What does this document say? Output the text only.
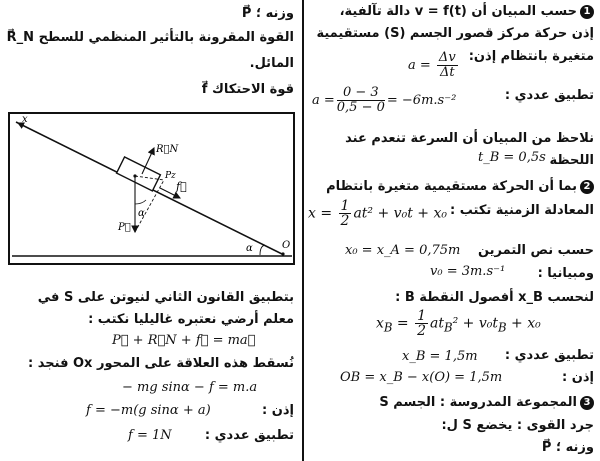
1حسب المبيان أن v = f(t) دالة تآلفية،
إذن حركة مركز قصور الجسم (S) مستقيمية
متغيرة بانتظام إذن:
$a = \frac{\Delta v}{\Delta t}$
تطبيق عددي :
$a = \frac{0 - 3}{0,5 - 0} = -6m.s^{-2}$
نلاحظ من المبيان أن السرعة تنعدم عند
اللحظة
t_B = 0,5s
2بما أن الحركة مستقيمية متغيرة بانتظام
$x = \frac{1}{2} at^2 + v_0t + x_0$ المعادلة الزمنية تكتب :
حسب نص التمرين
x₀ = x_A = 0,75m
ومبيانيا :
v₀ = 3m.s⁻¹
لنحسب x_B أفصول النقطة B :
$x_B = \frac{1}{2} at_B^2 + v_0t_B + x_0$
تطبيق عددي :
x_B = 1,5m
إذن :
OB = x_B − x(O) = 1,5m
3المجموعة المدروسة : الجسم S
جرد القوى : يخضع S ل:
P⃗ وزنه ؛
P⃗ وزنه ؛
R⃗_N القوة المقرونة بالتأثير المنظمي للسطح
المائل.
f⃗ قوة الاحتكاك
x
R⃗N
P⃗
Pz
α
f⃗
α	O
بتطبيق القانون الثاني لنيوتن على S في
معلم أرضي نعتبره غاليليا نكتب :
P⃗ + R⃗N + f⃗ = ma⃗
نُسقط هذه العلاقة على المحور Ox فنجد :
− mg sinα − f = m.a
إذن :
f = −m(g sinα + a)
تطبيق عددي :
f = 1N
